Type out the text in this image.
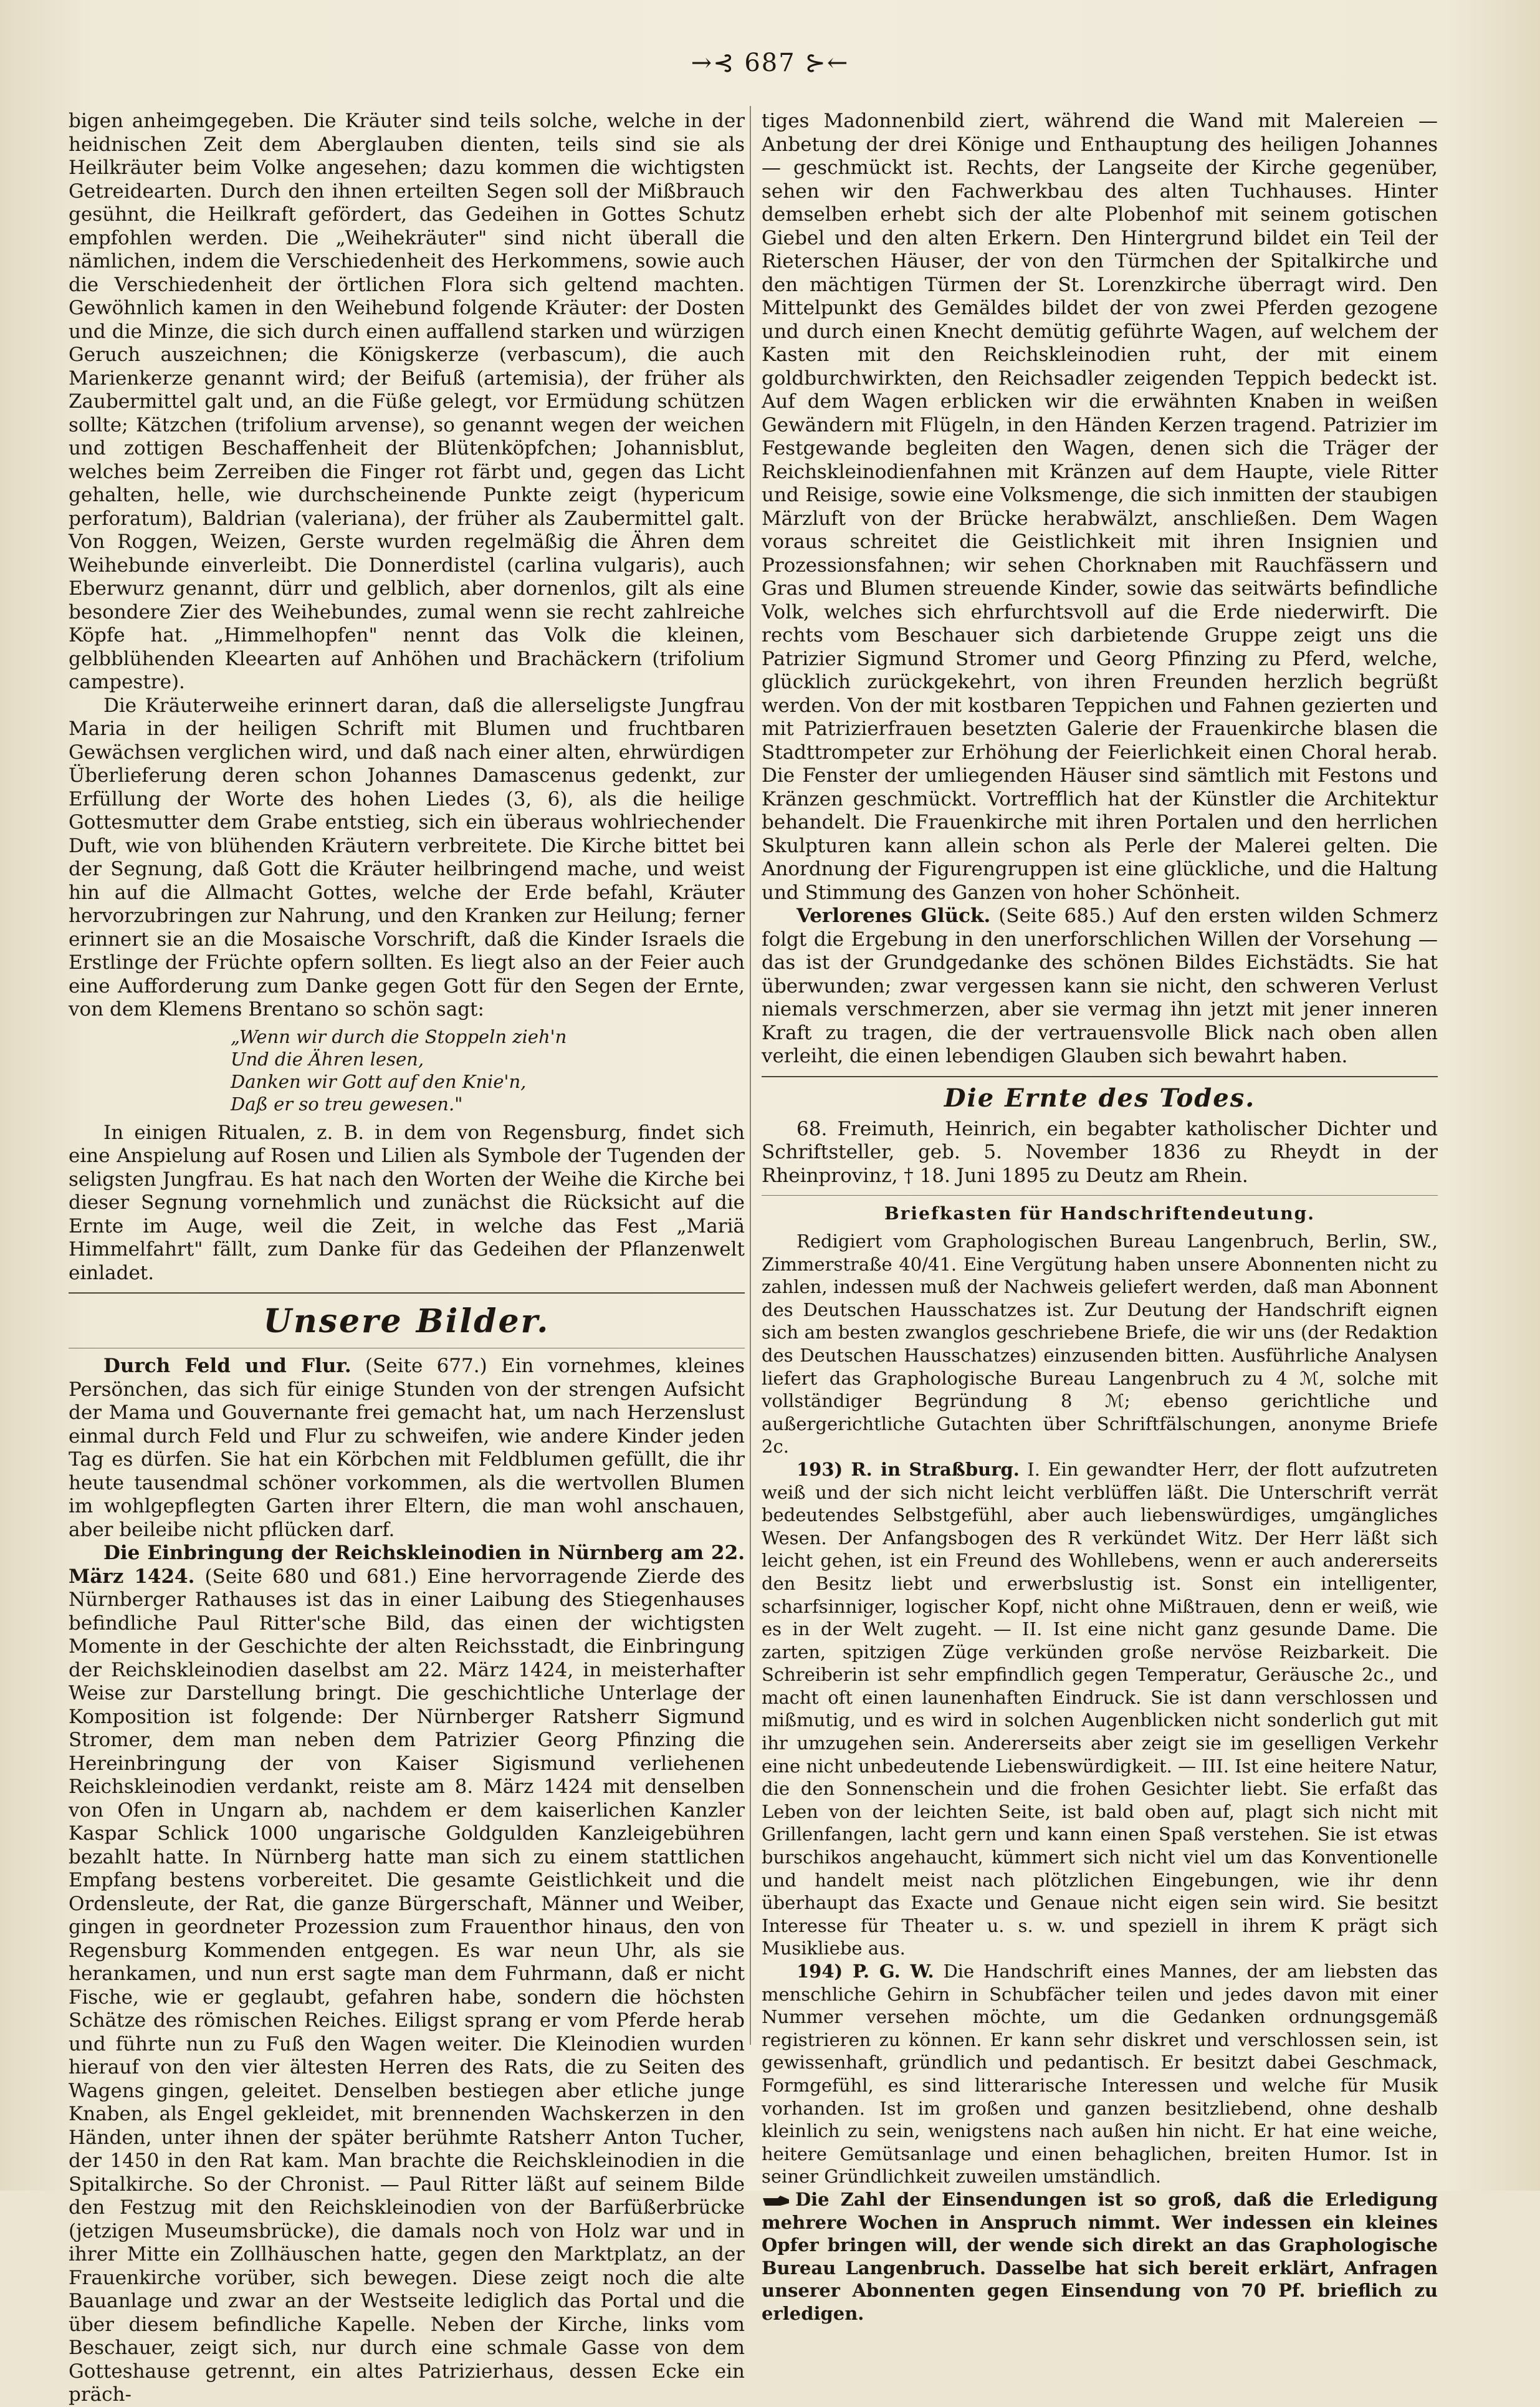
→⊰ 687 ⊱←

bigen anheimgegeben. Die Kräuter sind teils solche, welche in der heidnischen Zeit dem Aberglauben dienten, teils sind sie als Heilkräuter beim Volke angesehen; dazu kommen die wichtigsten Getreidearten. Durch den ihnen erteilten Segen soll der Mißbrauch gesühnt, die Heilkraft gefördert, das Gedeihen in Gottes Schutz empfohlen werden. Die „Weihekräuter" sind nicht überall die nämlichen, indem die Verschiedenheit des Herkommens, sowie auch die Verschiedenheit der örtlichen Flora sich geltend machten. Gewöhnlich kamen in den Weihebund folgende Kräuter: der Dosten und die Minze, die sich durch einen auffallend starken und würzigen Geruch auszeichnen; die Königskerze (verbascum), die auch Marienkerze genannt wird; der Beifuß (artemisia), der früher als Zaubermittel galt und, an die Füße gelegt, vor Ermüdung schützen sollte; Kätzchen (trifolium arvense), so genannt wegen der weichen und zottigen Beschaffenheit der Blütenköpfchen; Johannisblut, welches beim Zerreiben die Finger rot färbt und, gegen das Licht gehalten, helle, wie durchscheinende Punkte zeigt (hypericum perforatum), Baldrian (valeriana), der früher als Zaubermittel galt. Von Roggen, Weizen, Gerste wurden regelmäßig die Ähren dem Weihebunde einverleibt. Die Donnerdistel (carlina vulgaris), auch Eberwurz genannt, dürr und gelblich, aber dornenlos, gilt als eine besondere Zier des Weihebundes, zumal wenn sie recht zahlreiche Köpfe hat. „Himmelhopfen" nennt das Volk die kleinen, gelbblühenden Kleearten auf Anhöhen und Brachäckern (trifolium campestre).

Die Kräuterweihe erinnert daran, daß die allerseligste Jungfrau Maria in der heiligen Schrift mit Blumen und fruchtbaren Gewächsen verglichen wird, und daß nach einer alten, ehrwürdigen Überlieferung deren schon Johannes Damascenus gedenkt, zur Erfüllung der Worte des hohen Liedes (3, 6), als die heilige Gottesmutter dem Grabe entstieg, sich ein überaus wohlriechender Duft, wie von blühenden Kräutern verbreitete. Die Kirche bittet bei der Segnung, daß Gott die Kräuter heilbringend mache, und weist hin auf die Allmacht Gottes, welche der Erde befahl, Kräuter hervorzubringen zur Nahrung, und den Kranken zur Heilung; ferner erinnert sie an die Mosaische Vorschrift, daß die Kinder Israels die Erstlinge der Früchte opfern sollten. Es liegt also an der Feier auch eine Aufforderung zum Danke gegen Gott für den Segen der Ernte, von dem Klemens Brentano so schön sagt:

„Wenn wir durch die Stoppeln zieh'n
Und die Ähren lesen,
Danken wir Gott auf den Knie'n,
Daß er so treu gewesen."

In einigen Ritualen, z. B. in dem von Regensburg, findet sich eine Anspielung auf Rosen und Lilien als Symbole der Tugenden der seligsten Jungfrau. Es hat nach den Worten der Weihe die Kirche bei dieser Segnung vornehmlich und zunächst die Rücksicht auf die Ernte im Auge, weil die Zeit, in welche das Fest „Mariä Himmelfahrt" fällt, zum Danke für das Gedeihen der Pflanzenwelt einladet.

Unsere Bilder.

Durch Feld und Flur. (Seite 677.) Ein vornehmes, kleines Persönchen, das sich für einige Stunden von der strengen Aufsicht der Mama und Gouvernante frei gemacht hat, um nach Herzenslust einmal durch Feld und Flur zu schweifen, wie andere Kinder jeden Tag es dürfen. Sie hat ein Körbchen mit Feldblumen gefüllt, die ihr heute tausendmal schöner vorkommen, als die wertvollen Blumen im wohlgepflegten Garten ihrer Eltern, die man wohl anschauen, aber beileibe nicht pflücken darf.

Die Einbringung der Reichskleinodien in Nürnberg am 22. März 1424. (Seite 680 und 681.) Eine hervorragende Zierde des Nürnberger Rathauses ist das in einer Laibung des Stiegenhauses befindliche Paul Ritter'sche Bild, das einen der wichtigsten Momente in der Geschichte der alten Reichsstadt, die Einbringung der Reichskleinodien daselbst am 22. März 1424, in meisterhafter Weise zur Darstellung bringt. Die geschichtliche Unterlage der Komposition ist folgende: Der Nürnberger Ratsherr Sigmund Stromer, dem man neben dem Patrizier Georg Pfinzing die Hereinbringung der von Kaiser Sigismund verliehenen Reichskleinodien verdankt, reiste am 8. März 1424 mit denselben von Ofen in Ungarn ab, nachdem er dem kaiserlichen Kanzler Kaspar Schlick 1000 ungarische Goldgulden Kanzleigebühren bezahlt hatte. In Nürnberg hatte man sich zu einem stattlichen Empfang bestens vorbereitet. Die gesamte Geistlichkeit und die Ordensleute, der Rat, die ganze Bürgerschaft, Männer und Weiber, gingen in geordneter Prozession zum Frauenthor hinaus, den von Regensburg Kommenden entgegen. Es war neun Uhr, als sie herankamen, und nun erst sagte man dem Fuhrmann, daß er nicht Fische, wie er geglaubt, gefahren habe, sondern die höchsten Schätze des römischen Reiches. Eiligst sprang er vom Pferde herab und führte nun zu Fuß den Wagen weiter. Die Kleinodien wurden hierauf von den vier ältesten Herren des Rats, die zu Seiten des Wagens gingen, geleitet. Denselben bestiegen aber etliche junge Knaben, als Engel gekleidet, mit brennenden Wachskerzen in den Händen, unter ihnen der später berühmte Ratsherr Anton Tucher, der 1450 in den Rat kam. Man brachte die Reichskleinodien in die Spitalkirche. So der Chronist. — Paul Ritter läßt auf seinem Bilde den Festzug mit den Reichskleinodien von der Barfüßerbrücke (jetzigen Museumsbrücke), die damals noch von Holz war und in ihrer Mitte ein Zollhäuschen hatte, gegen den Marktplatz, an der Frauenkirche vorüber, sich bewegen. Diese zeigt noch die alte Bauanlage und zwar an der Westseite lediglich das Portal und die über diesem befindliche Kapelle. Neben der Kirche, links vom Beschauer, zeigt sich, nur durch eine schmale Gasse von dem Gotteshause getrennt, ein altes Patrizierhaus, dessen Ecke ein präch-

tiges Madonnenbild ziert, während die Wand mit Malereien — Anbetung der drei Könige und Enthauptung des heiligen Johannes — geschmückt ist. Rechts, der Langseite der Kirche gegenüber, sehen wir den Fachwerkbau des alten Tuchhauses. Hinter demselben erhebt sich der alte Plobenhof mit seinem gotischen Giebel und den alten Erkern. Den Hintergrund bildet ein Teil der Rieterschen Häuser, der von den Türmchen der Spitalkirche und den mächtigen Türmen der St. Lorenzkirche überragt wird. Den Mittelpunkt des Gemäldes bildet der von zwei Pferden gezogene und durch einen Knecht demütig geführte Wagen, auf welchem der Kasten mit den Reichskleinodien ruht, der mit einem goldburchwirkten, den Reichsadler zeigenden Teppich bedeckt ist. Auf dem Wagen erblicken wir die erwähnten Knaben in weißen Gewändern mit Flügeln, in den Händen Kerzen tragend. Patrizier im Festgewande begleiten den Wagen, denen sich die Träger der Reichskleinodienfahnen mit Kränzen auf dem Haupte, viele Ritter und Reisige, sowie eine Volksmenge, die sich inmitten der staubigen Märzluft von der Brücke herabwälzt, anschließen. Dem Wagen voraus schreitet die Geistlichkeit mit ihren Insignien und Prozessionsfahnen; wir sehen Chorknaben mit Rauchfässern und Gras und Blumen streuende Kinder, sowie das seitwärts befindliche Volk, welches sich ehrfurchtsvoll auf die Erde niederwirft. Die rechts vom Beschauer sich darbietende Gruppe zeigt uns die Patrizier Sigmund Stromer und Georg Pfinzing zu Pferd, welche, glücklich zurückgekehrt, von ihren Freunden herzlich begrüßt werden. Von der mit kostbaren Teppichen und Fahnen gezierten und mit Patrizierfrauen besetzten Galerie der Frauenkirche blasen die Stadttrompeter zur Erhöhung der Feierlichkeit einen Choral herab. Die Fenster der umliegenden Häuser sind sämtlich mit Festons und Kränzen geschmückt. Vortrefflich hat der Künstler die Architektur behandelt. Die Frauenkirche mit ihren Portalen und den herrlichen Skulpturen kann allein schon als Perle der Malerei gelten. Die Anordnung der Figurengruppen ist eine glückliche, und die Haltung und Stimmung des Ganzen von hoher Schönheit.

Verlorenes Glück. (Seite 685.) Auf den ersten wilden Schmerz folgt die Ergebung in den unerforschlichen Willen der Vorsehung — das ist der Grundgedanke des schönen Bildes Eichstädts. Sie hat überwunden; zwar vergessen kann sie nicht, den schweren Verlust niemals verschmerzen, aber sie vermag ihn jetzt mit jener inneren Kraft zu tragen, die der vertrauensvolle Blick nach oben allen verleiht, die einen lebendigen Glauben sich bewahrt haben.

Die Ernte des Todes.

68. Freimuth, Heinrich, ein begabter katholischer Dichter und Schriftsteller, geb. 5. November 1836 zu Rheydt in der Rheinprovinz, † 18. Juni 1895 zu Deutz am Rhein.

Briefkasten für Handschriftendeutung.

Redigiert vom Graphologischen Bureau Langenbruch, Berlin, SW., Zimmerstraße 40/41. Eine Vergütung haben unsere Abonnenten nicht zu zahlen, indessen muß der Nachweis geliefert werden, daß man Abonnent des Deutschen Hausschatzes ist. Zur Deutung der Handschrift eignen sich am besten zwanglos geschriebene Briefe, die wir uns (der Redaktion des Deutschen Hausschatzes) einzusenden bitten. Ausführliche Analysen liefert das Graphologische Bureau Langenbruch zu 4 ℳ, solche mit vollständiger Begründung 8 ℳ; ebenso gerichtliche und außergerichtliche Gutachten über Schriftfälschungen, anonyme Briefe 2c.

193) R. in Straßburg. I. Ein gewandter Herr, der flott aufzutreten weiß und der sich nicht leicht verblüffen läßt. Die Unterschrift verrät bedeutendes Selbstgefühl, aber auch liebenswürdiges, umgängliches Wesen. Der Anfangsbogen des R verkündet Witz. Der Herr läßt sich leicht gehen, ist ein Freund des Wohllebens, wenn er auch andererseits den Besitz liebt und erwerbslustig ist. Sonst ein intelligenter, scharfsinniger, logischer Kopf, nicht ohne Mißtrauen, denn er weiß, wie es in der Welt zugeht. — II. Ist eine nicht ganz gesunde Dame. Die zarten, spitzigen Züge verkünden große nervöse Reizbarkeit. Die Schreiberin ist sehr empfindlich gegen Temperatur, Geräusche 2c., und macht oft einen launenhaften Eindruck. Sie ist dann verschlossen und mißmutig, und es wird in solchen Augenblicken nicht sonderlich gut mit ihr umzugehen sein. Andererseits aber zeigt sie im geselligen Verkehr eine nicht unbedeutende Liebenswürdigkeit. — III. Ist eine heitere Natur, die den Sonnenschein und die frohen Gesichter liebt. Sie erfaßt das Leben von der leichten Seite, ist bald oben auf, plagt sich nicht mit Grillenfangen, lacht gern und kann einen Spaß verstehen. Sie ist etwas burschikos angehaucht, kümmert sich nicht viel um das Konventionelle und handelt meist nach plötzlichen Eingebungen, wie ihr denn überhaupt das Exacte und Genaue nicht eigen sein wird. Sie besitzt Interesse für Theater u. s. w. und speziell in ihrem K prägt sich Musikliebe aus.

194) P. G. W. Die Handschrift eines Mannes, der am liebsten das menschliche Gehirn in Schubfächer teilen und jedes davon mit einer Nummer versehen möchte, um die Gedanken ordnungsgemäß registrieren zu können. Er kann sehr diskret und verschlossen sein, ist gewissenhaft, gründlich und pedantisch. Er besitzt dabei Geschmack, Formgefühl, es sind litterarische Interessen und welche für Musik vorhanden. Ist im großen und ganzen besitzliebend, ohne deshalb kleinlich zu sein, wenigstens nach außen hin nicht. Er hat eine weiche, heitere Gemütsanlage und einen behaglichen, breiten Humor. Ist in seiner Gründlichkeit zuweilen umständlich.

Die Zahl der Einsendungen ist so groß, daß die Erledigung mehrere Wochen in Anspruch nimmt. Wer indessen ein kleines Opfer bringen will, der wende sich direkt an das Graphologische Bureau Langenbruch. Dasselbe hat sich bereit erklärt, Anfragen unserer Abonnenten gegen Einsendung von 70 Pf. brieflich zu erledigen.
